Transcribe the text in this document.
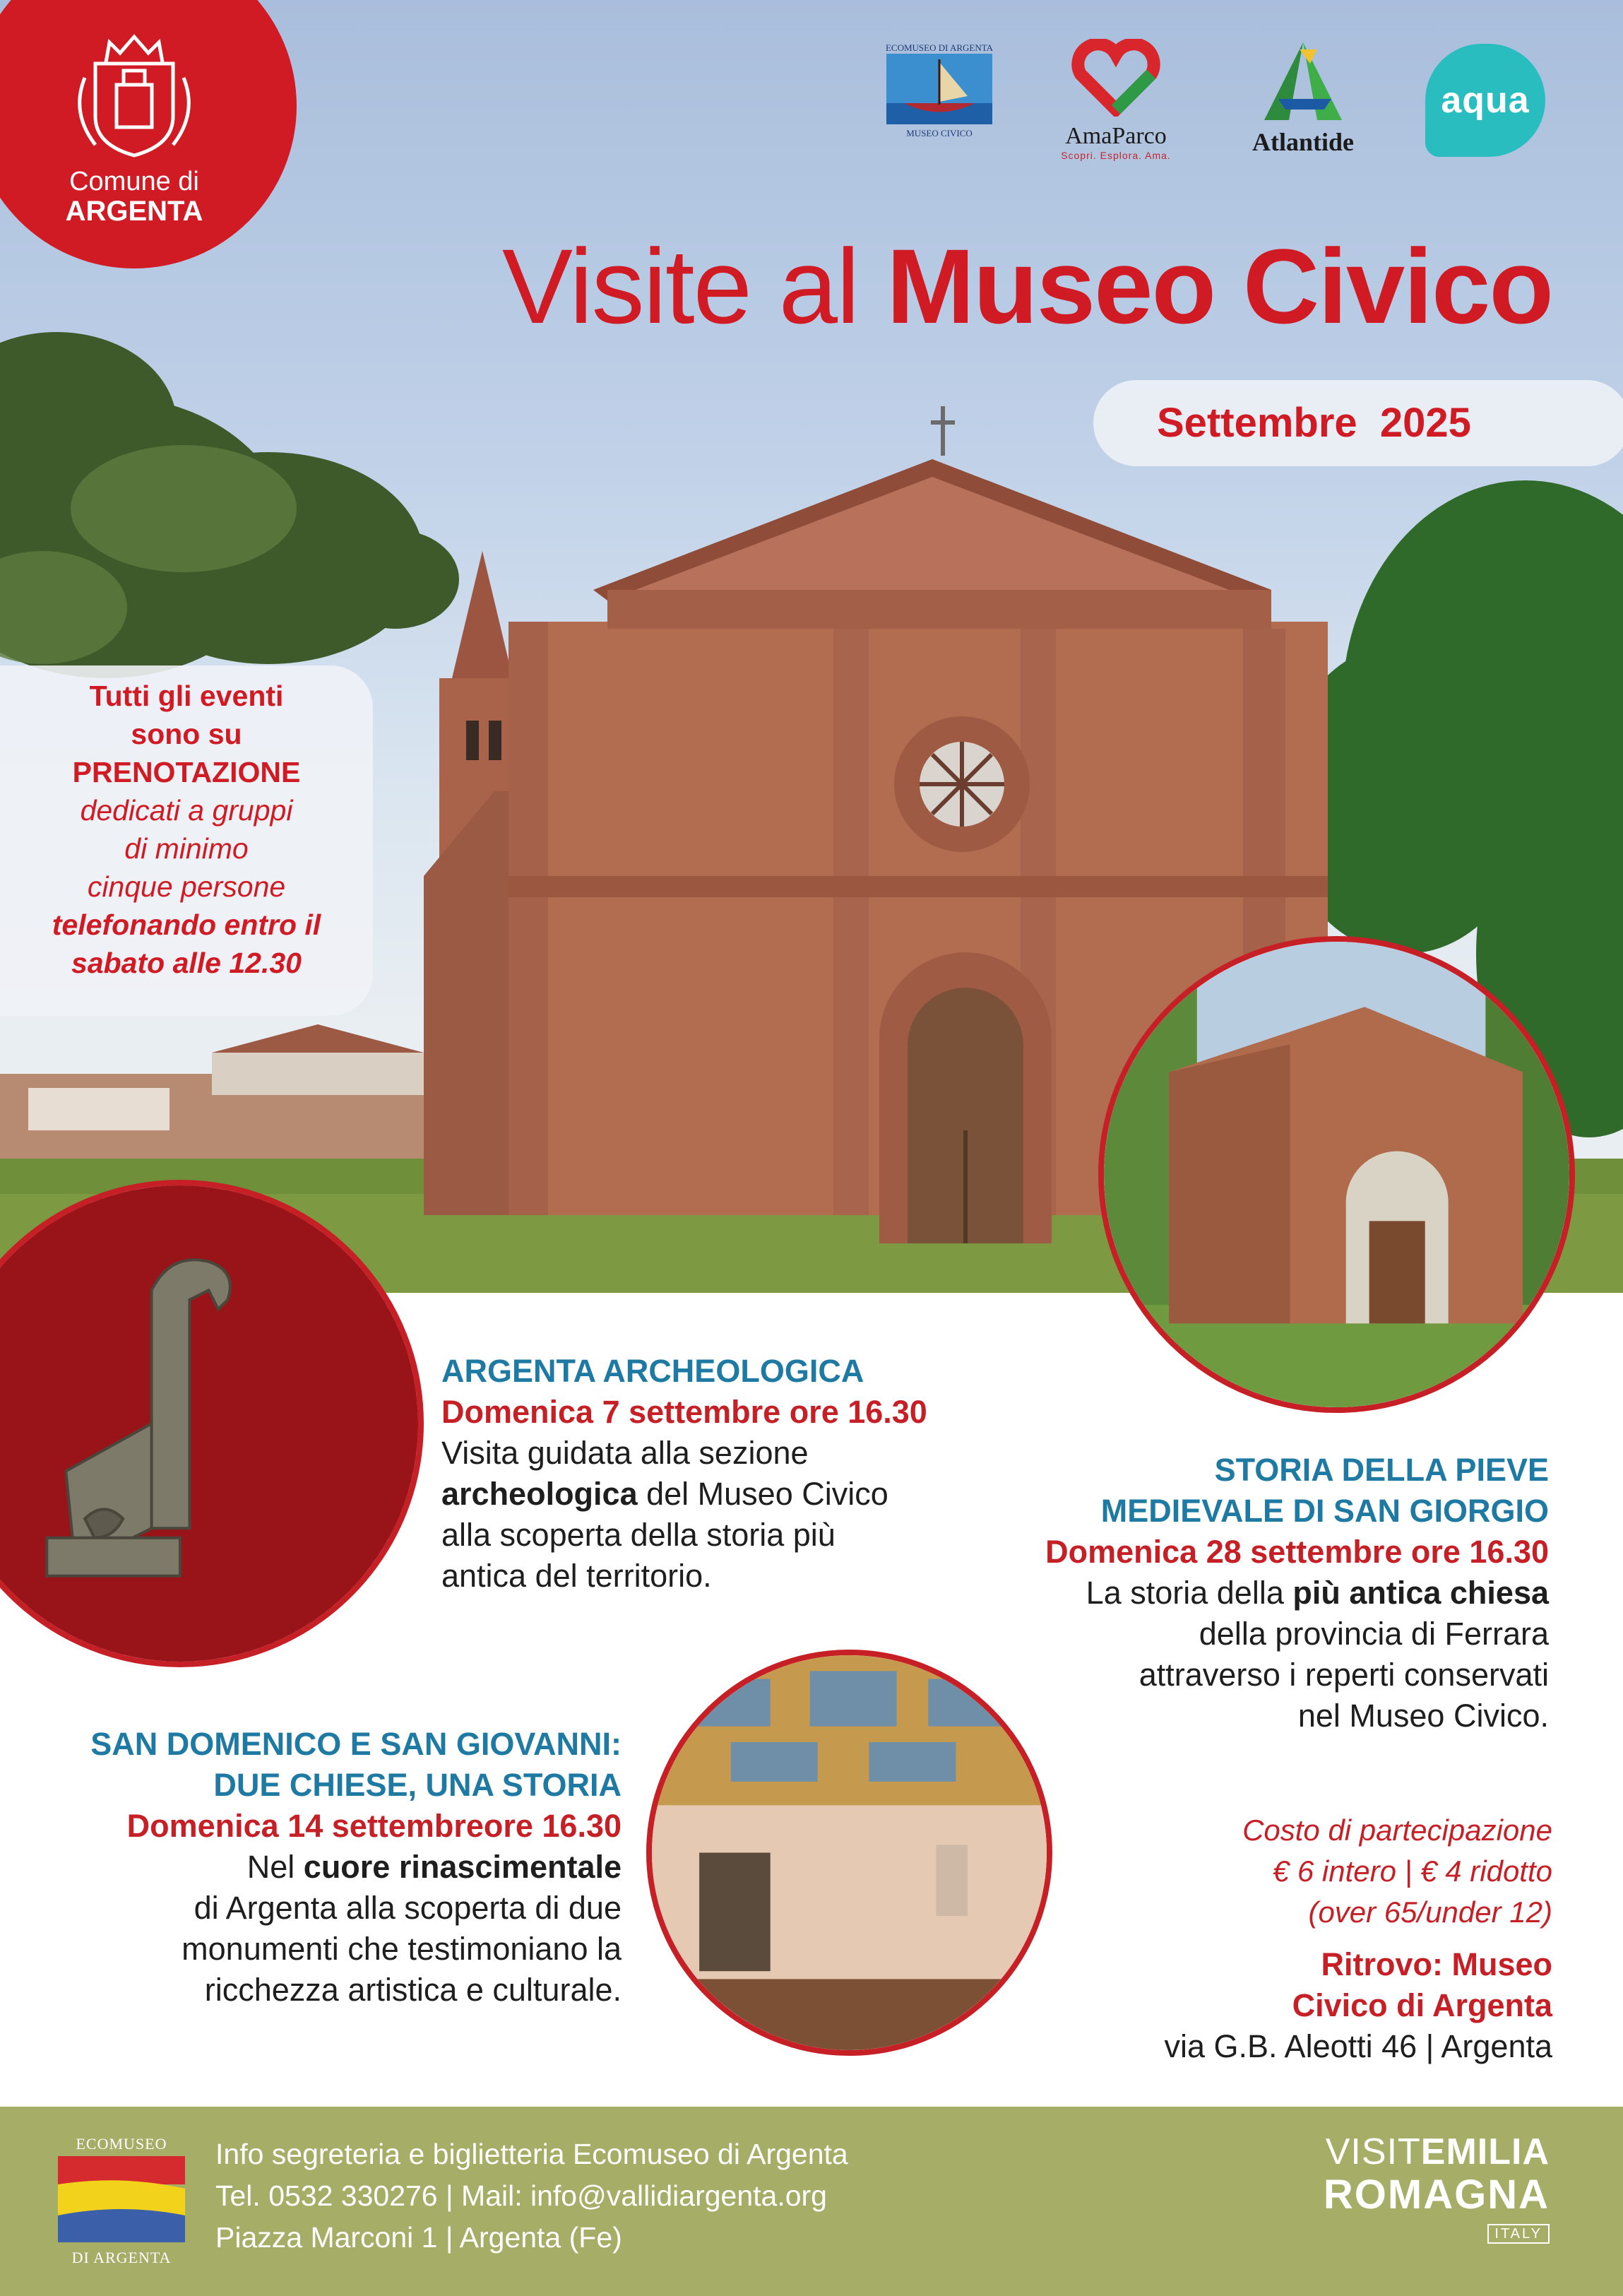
Comune di
ARGENTA
ECOMUSEO DI ARGENTA
MUSEO CIVICO	AmaParco
Scopri. Esplora. Ama.	Atlantide
aqua
Visite al Museo Civico
Settembre  2025
Tutti gli eventi
sono su
PRENOTAZIONE
dedicati a gruppi
di minimo
cinque persone
telefonando entro il
sabato alle 12.30
ARGENTA ARCHEOLOGICA
Domenica 7 settembre ore 16.30
Visita guidata alla sezione
archeologica del Museo Civico
alla scoperta della storia più
antica del territorio.
STORIA DELLA PIEVE
MEDIEVALE DI SAN GIORGIO
Domenica 28 settembre ore 16.30
La storia della più antica chiesa
della provincia di Ferrara
attraverso i reperti conservati
nel Museo Civico.
SAN DOMENICO E SAN GIOVANNI:
DUE CHIESE, UNA STORIA
Domenica 14 settembreore 16.30
Nel cuore rinascimentale
di Argenta alla scoperta di due
monumenti che testimoniano la
ricchezza artistica e culturale.
Costo di partecipazione
€ 6 intero | € 4 ridotto
(over 65/under 12)
Ritrovo: Museo
Civico di Argenta
via G.B. Aleotti 46 | Argenta
ECOMUSEO
DI ARGENTA
Info segreteria e biglietteria Ecomuseo di Argenta
Tel. 0532 330276 | Mail: info@vallidiargenta.org
Piazza Marconi 1 | Argenta (Fe)
VISITEMILIA
ROMAGNA
ITALY
